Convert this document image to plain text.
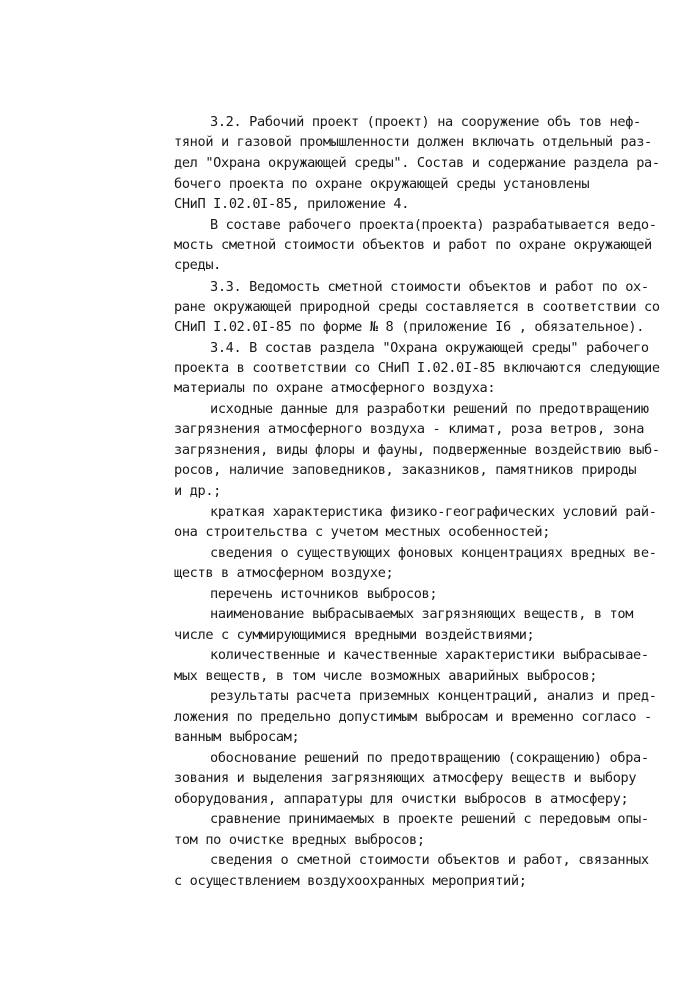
3.2. Рабочий проект (проект) на сооружение объ тов неф-
тяной и газовой промышленности должен включать отдельный раз-
дел "Охрана окружающей среды". Состав и содержание раздела ра-
бочего проекта по охране окружающей среды установлены
СНиП I.02.0I-85, приложение 4.
В составе рабочего проекта(проекта) разрабатывается ведо-
мость сметной стоимости объектов и работ по охране окружающей
среды.
3.3. Ведомость сметной стоимости объектов и работ по ох-
ране окружающей природной среды составляется в соответствии со
СНиП I.02.0I-85 по форме № 8 (приложение I6 , обязательное).
3.4. В состав раздела "Охрана окружающей среды" рабочего
проекта в соответствии со СНиП I.02.0I-85 включаются следующие
материалы по охране атмосферного воздуха:
исходные данные для разработки решений по предотвращению
загрязнения атмосферного воздуха - климат, роза ветров, зона
загрязнения, виды флоры и фауны, подверженные воздействию выб-
росов, наличие заповедников, заказников, памятников природы
и др.;
краткая характеристика физико-географических условий рай-
она строительства с учетом местных особенностей;
сведения о существующих фоновых концентрациях вредных ве-
ществ в атмосферном воздухе;
перечень источников выбросов;
наименование выбрасываемых загрязняющих веществ, в том
числе с суммирующимися вредными воздействиями;
количественные и качественные характеристики выбрасывае-
мых веществ, в том числе возможных аварийных выбросов;
результаты расчета приземных концентраций, анализ и пред-
ложения по предельно допустимым выбросам и временно согласо -
ванным выбросам;
обоснование решений по предотвращению (сокращению) обра-
зования и выделения загрязняющих атмосферу веществ и выбору
оборудования, аппаратуры для очистки выбросов в атмосферу;
сравнение принимаемых в проекте решений с передовым опы-
том по очистке вредных выбросов;
сведения о сметной стоимости объектов и работ, связанных
с осуществлением воздухоохранных мероприятий;
